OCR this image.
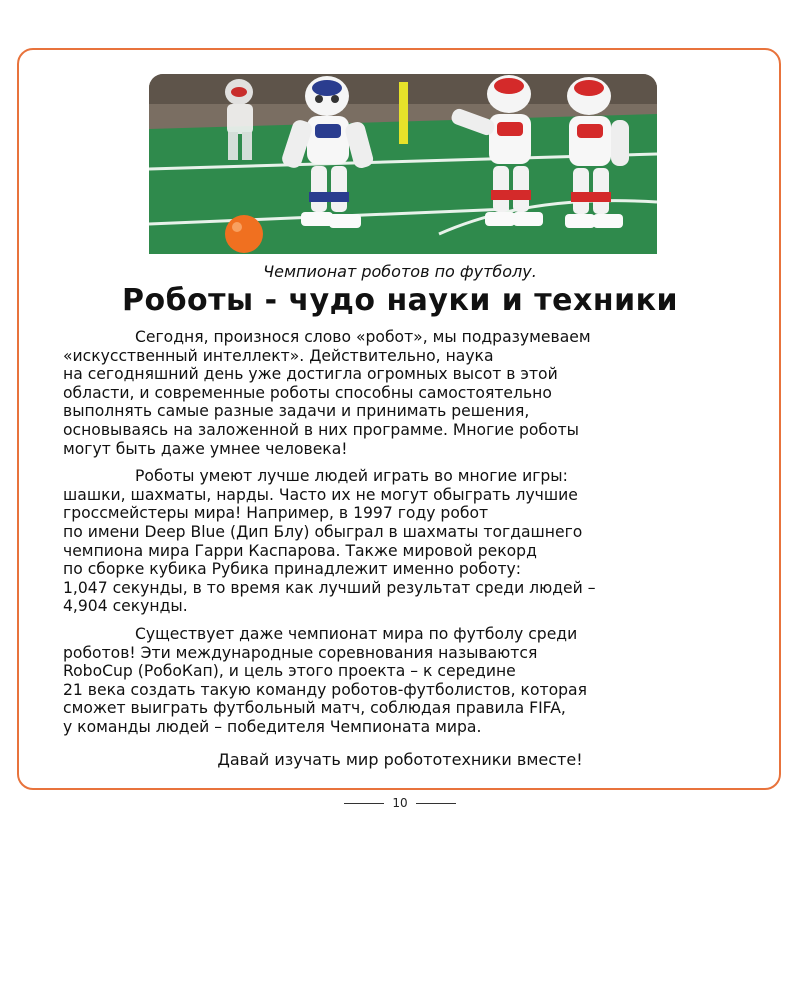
Чемпионат роботов по футболу.
Роботы - чудо науки и техники
Сегодня, произнося слово «робот», мы подразумеваем
«искусственный интеллект». Действительно, наука
на сегодняшний день уже достигла огромных высот в этой
области, и современные роботы способны самостоятельно
выполнять самые разные задачи и принимать решения,
основываясь на заложенной в них программе. Многие роботы
могут быть даже умнее человека!
Роботы умеют лучше людей играть во многие игры:
шашки, шахматы, нарды. Часто их не могут обыграть лучшие
гроссмейстеры мира! Например, в 1997 году робот
по имени Deep Blue (Дип Блу) обыграл в шахматы тогдашнего
чемпиона мира Гарри Каспарова. Также мировой рекорд
по сборке кубика Рубика принадлежит именно роботу:
1,047 секунды, в то время как лучший результат среди людей –
4,904 секунды.
Существует даже чемпионат мира по футболу среди
роботов! Эти международные соревнования называются
RoboCup (РобоКап), и цель этого проекта – к середине
21 века создать такую команду роботов-футболистов, которая
сможет выиграть футбольный матч, соблюдая правила FIFA,
у команды людей – победителя Чемпионата мира.
Давай изучать мир робототехники вместе!
10
